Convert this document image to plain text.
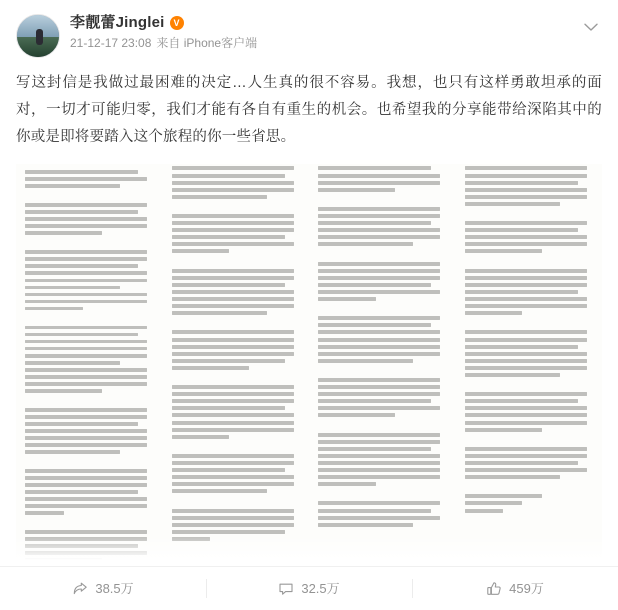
李靓蕾Jinglei V
21-12-17 23:08 来自 iPhone客户端
写这封信是我做过最困难的决定…人生真的很不容易。我想，也只有这样勇敢坦承的面对，一切才可能归零，我们才能有各自有重生的机会。也希望我的分享能带给深陷其中的你或是即将要踏入这个旅程的你一些省思。
38.5万	32.5万	459万
